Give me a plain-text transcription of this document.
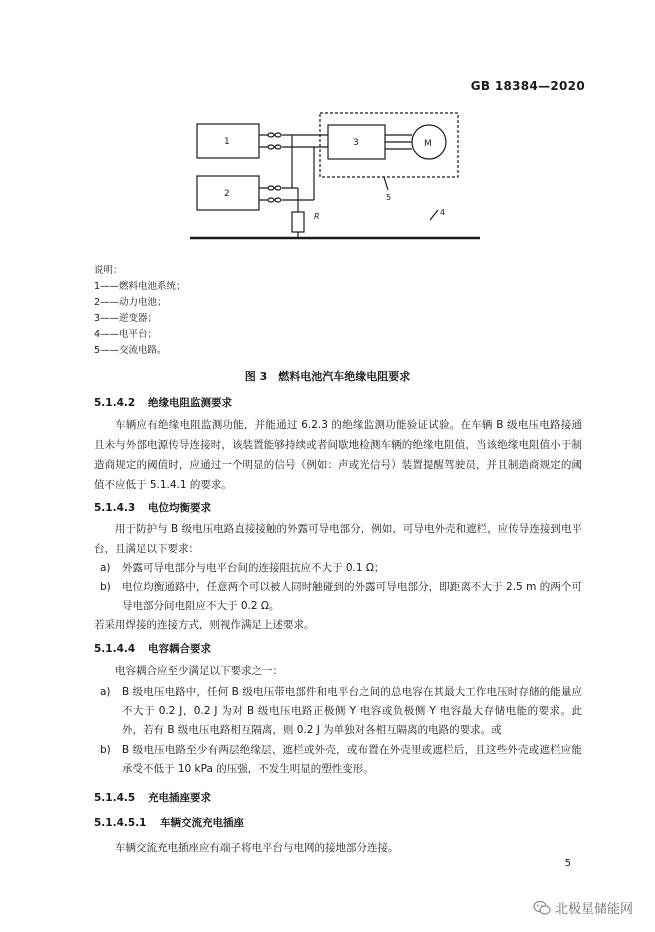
GB 18384—2020
1
2
3	M
R	4
5
说明：
1——燃料电池系统；
2——动力电池；
3——逆变器；
4——电平台；
5——交流电路。
图 3　燃料电池汽车绝缘电阻要求
5.1.4.2 绝缘电阻监测要求
车辆应有绝缘电阻监测功能，并能通过 6.2.3 的绝缘监测功能验证试验。在车辆 B 级电压电路接通且未与外部电源传导连接时，该装置能够持续或者间歇地检测车辆的绝缘电阻值，当该绝缘电阻值小于制造商规定的阈值时，应通过一个明显的信号（例如：声或光信号）装置提醒驾驶员，并且制造商规定的阈值不应低于 5.1.4.1 的要求。
5.1.4.3 电位均衡要求
用于防护与 B 级电压电路直接接触的外露可导电部分，例如，可导电外壳和遮栏，应传导连接到电平台，且满足以下要求：
a) 外露可导电部分与电平台间的连接阻抗应不大于 0.1 Ω；
b) 电位均衡通路中，任意两个可以被人同时触碰到的外露可导电部分，即距离不大于 2.5 m 的两个可导电部分间电阻应不大于 0.2 Ω。
若采用焊接的连接方式，则视作满足上述要求。
5.1.4.4 电容耦合要求
电容耦合应至少满足以下要求之一：
a) B 级电压电路中，任何 B 级电压带电部件和电平台之间的总电容在其最大工作电压时存储的能量应不大于 0.2 J，0.2 J 为对 B 级电压电路正极侧 Y 电容或负极侧 Y 电容最大存储电能的要求。此外，若有 B 级电压电路相互隔离，则 0.2 J 为单独对各相互隔离的电路的要求。或
b) B 级电压电路至少有两层绝缘层、遮栏或外壳，或布置在外壳里或遮栏后，且这些外壳或遮栏应能承受不低于 10 kPa 的压强，不发生明显的塑性变形。
5.1.4.5 充电插座要求
5.1.4.5.1 车辆交流充电插座
车辆交流充电插座应有端子将电平台与电网的接地部分连接。
5
北极星储能网
